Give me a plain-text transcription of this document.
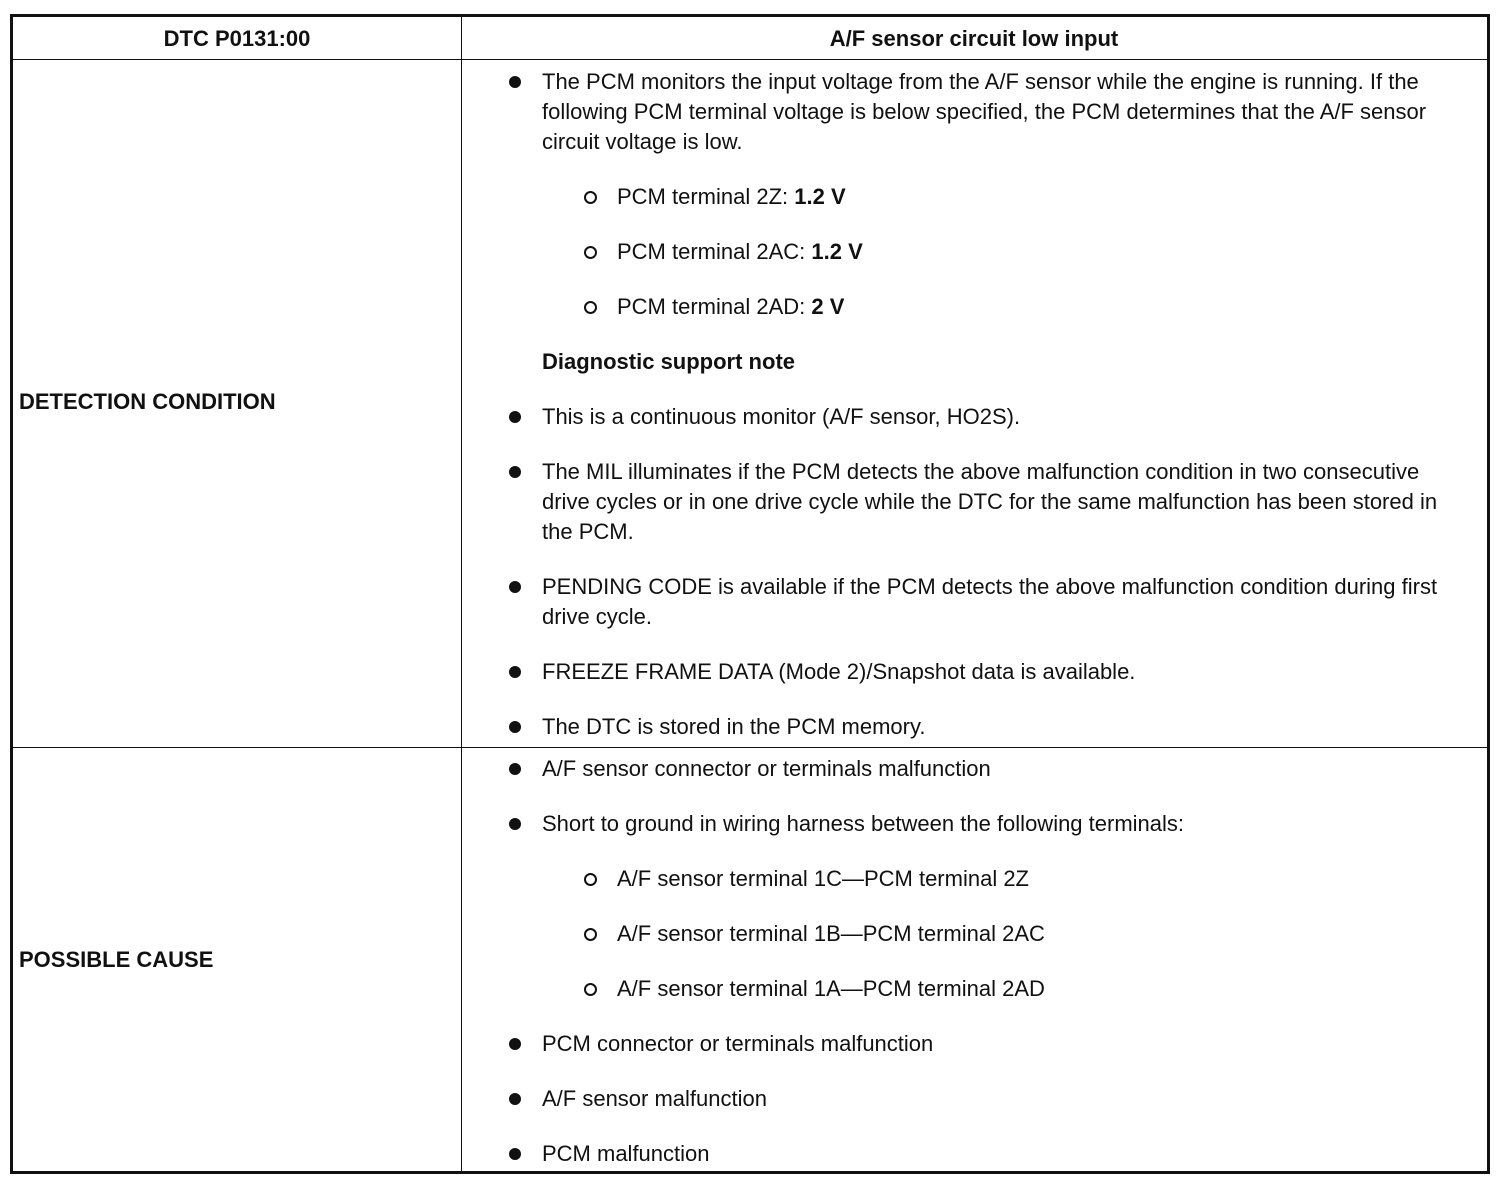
DTC P0131:00	A/F sensor circuit low input
DETECTION CONDITION
The PCM monitors the input voltage from the A/F sensor while the engine is running. If the following PCM terminal voltage is below specified, the PCM determines that the A/F sensor circuit voltage is low.
PCM terminal 2Z: 1.2 V
PCM terminal 2AC: 1.2 V
PCM terminal 2AD: 2 V
Diagnostic support note
This is a continuous monitor (A/F sensor, HO2S).
The MIL illuminates if the PCM detects the above malfunction condition in two consecutive drive cycles or in one drive cycle while the DTC for the same malfunction has been stored in the PCM.
PENDING CODE is available if the PCM detects the above malfunction condition during first drive cycle.
FREEZE FRAME DATA (Mode 2)/Snapshot data is available.
The DTC is stored in the PCM memory.
POSSIBLE CAUSE
A/F sensor connector or terminals malfunction
Short to ground in wiring harness between the following terminals:
A/F sensor terminal 1C—PCM terminal 2Z
A/F sensor terminal 1B—PCM terminal 2AC
A/F sensor terminal 1A—PCM terminal 2AD
PCM connector or terminals malfunction
A/F sensor malfunction
PCM malfunction
